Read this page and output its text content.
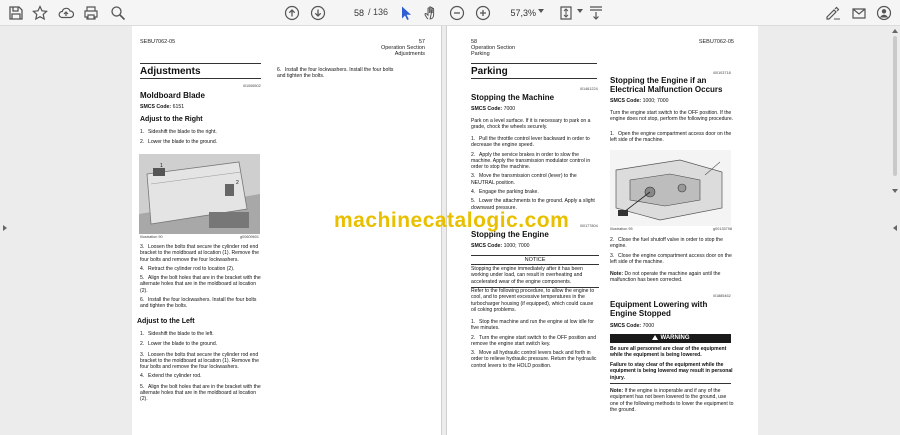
58
/ 136
57,3%
SEBU7062-05	57
Operation Section
Adjustments
Adjustments
i01006502
Moldboard Blade
SMCS Code: 6151
Adjust to the Right
1. Sideshift the blade to the right.
2. Lower the blade to the ground.
1
2
Illustration 90	g00609601
3. Loosen the bolts that secure the cylinder rod end bracket to the moldboard at location (1). Remove the four bolts and remove the four lockwashers.
4. Retract the cylinder rod to location (2).
5. Align the bolt holes that are in the bracket with the alternate holes that are in the moldboard at location (2).
6. Install the four lockwashers. Install the four bolts and tighten the bolts.
Adjust to the Left
1. Sideshift the blade to the left.
2. Lower the blade to the ground.
3. Loosen the bolts that secure the cylinder rod end bracket to the moldboard at location (1). Remove the four bolts and remove the four lockwashers.
4. Extend the cylinder rod.
5. Align the bolt holes that are in the bracket with the alternate holes that are in the moldboard at location (2).
6. Install the four lockwashers. Install the four bolts and tighten the bolts.
58
Operation Section
Parking
SEBU7062-05
Parking
i01461224
Stopping the Machine
SMCS Code: 7000
Park on a level surface. If it is necessary to park on a grade, chock the wheels securely.
1. Pull the throttle control lever backward in order to decrease the engine speed.
2. Apply the service brakes in order to slow the machine. Apply the transmission modulator control in order to stop the machine.
3. Move the transmission control (lever) to the NEUTRAL position.
4. Engage the parking brake.
5. Lower the attachments to the ground. Apply a slight downward pressure.
i00177804
Stopping the Engine
SMCS Code: 1000; 7000
NOTICE
Stopping the engine immediately after it has been working under load, can result in overheating and accelerated wear of the engine components.
Refer to the following procedure, to allow the engine to cool, and to prevent excessive temperatures in the turbocharger housing (if equipped), which could cause oil coking problems.
1. Stop the machine and run the engine at low idle for five minutes.
2. Turn the engine start switch to the OFF position and remove the engine start switch key.
3. Move all hydraulic control levers back and forth in order to relieve hydraulic pressure. Return the hydraulic control levers to the HOLD position.
i00103718
Stopping the Engine if an
Electrical Malfunction Occurs
SMCS Code: 1000; 7000
Turn the engine start switch to the OFF position. If the engine does not stop, perform the following procedure.
1. Open the engine compartment access door on the left side of the machine.
Illustration 95	g00133798
2. Close the fuel shutoff valve in order to stop the engine.
3. Close the engine compartment access door on the left side of the machine.
Note: Do not operate the machine again until the malfunction has been corrected.
i01885462
Equipment Lowering with
Engine Stopped
SMCS Code: 7000
WARNING
Be sure all personnel are clear of the equipment while the equipment is being lowered.
Failure to stay clear of the equipment while the equipment is being lowered may result in personal injury.
Note: If the engine is inoperable and if any of the equipment has not been lowered to the ground, use one of the following methods to lower the equipment to the ground.
machinecatalogic.com
